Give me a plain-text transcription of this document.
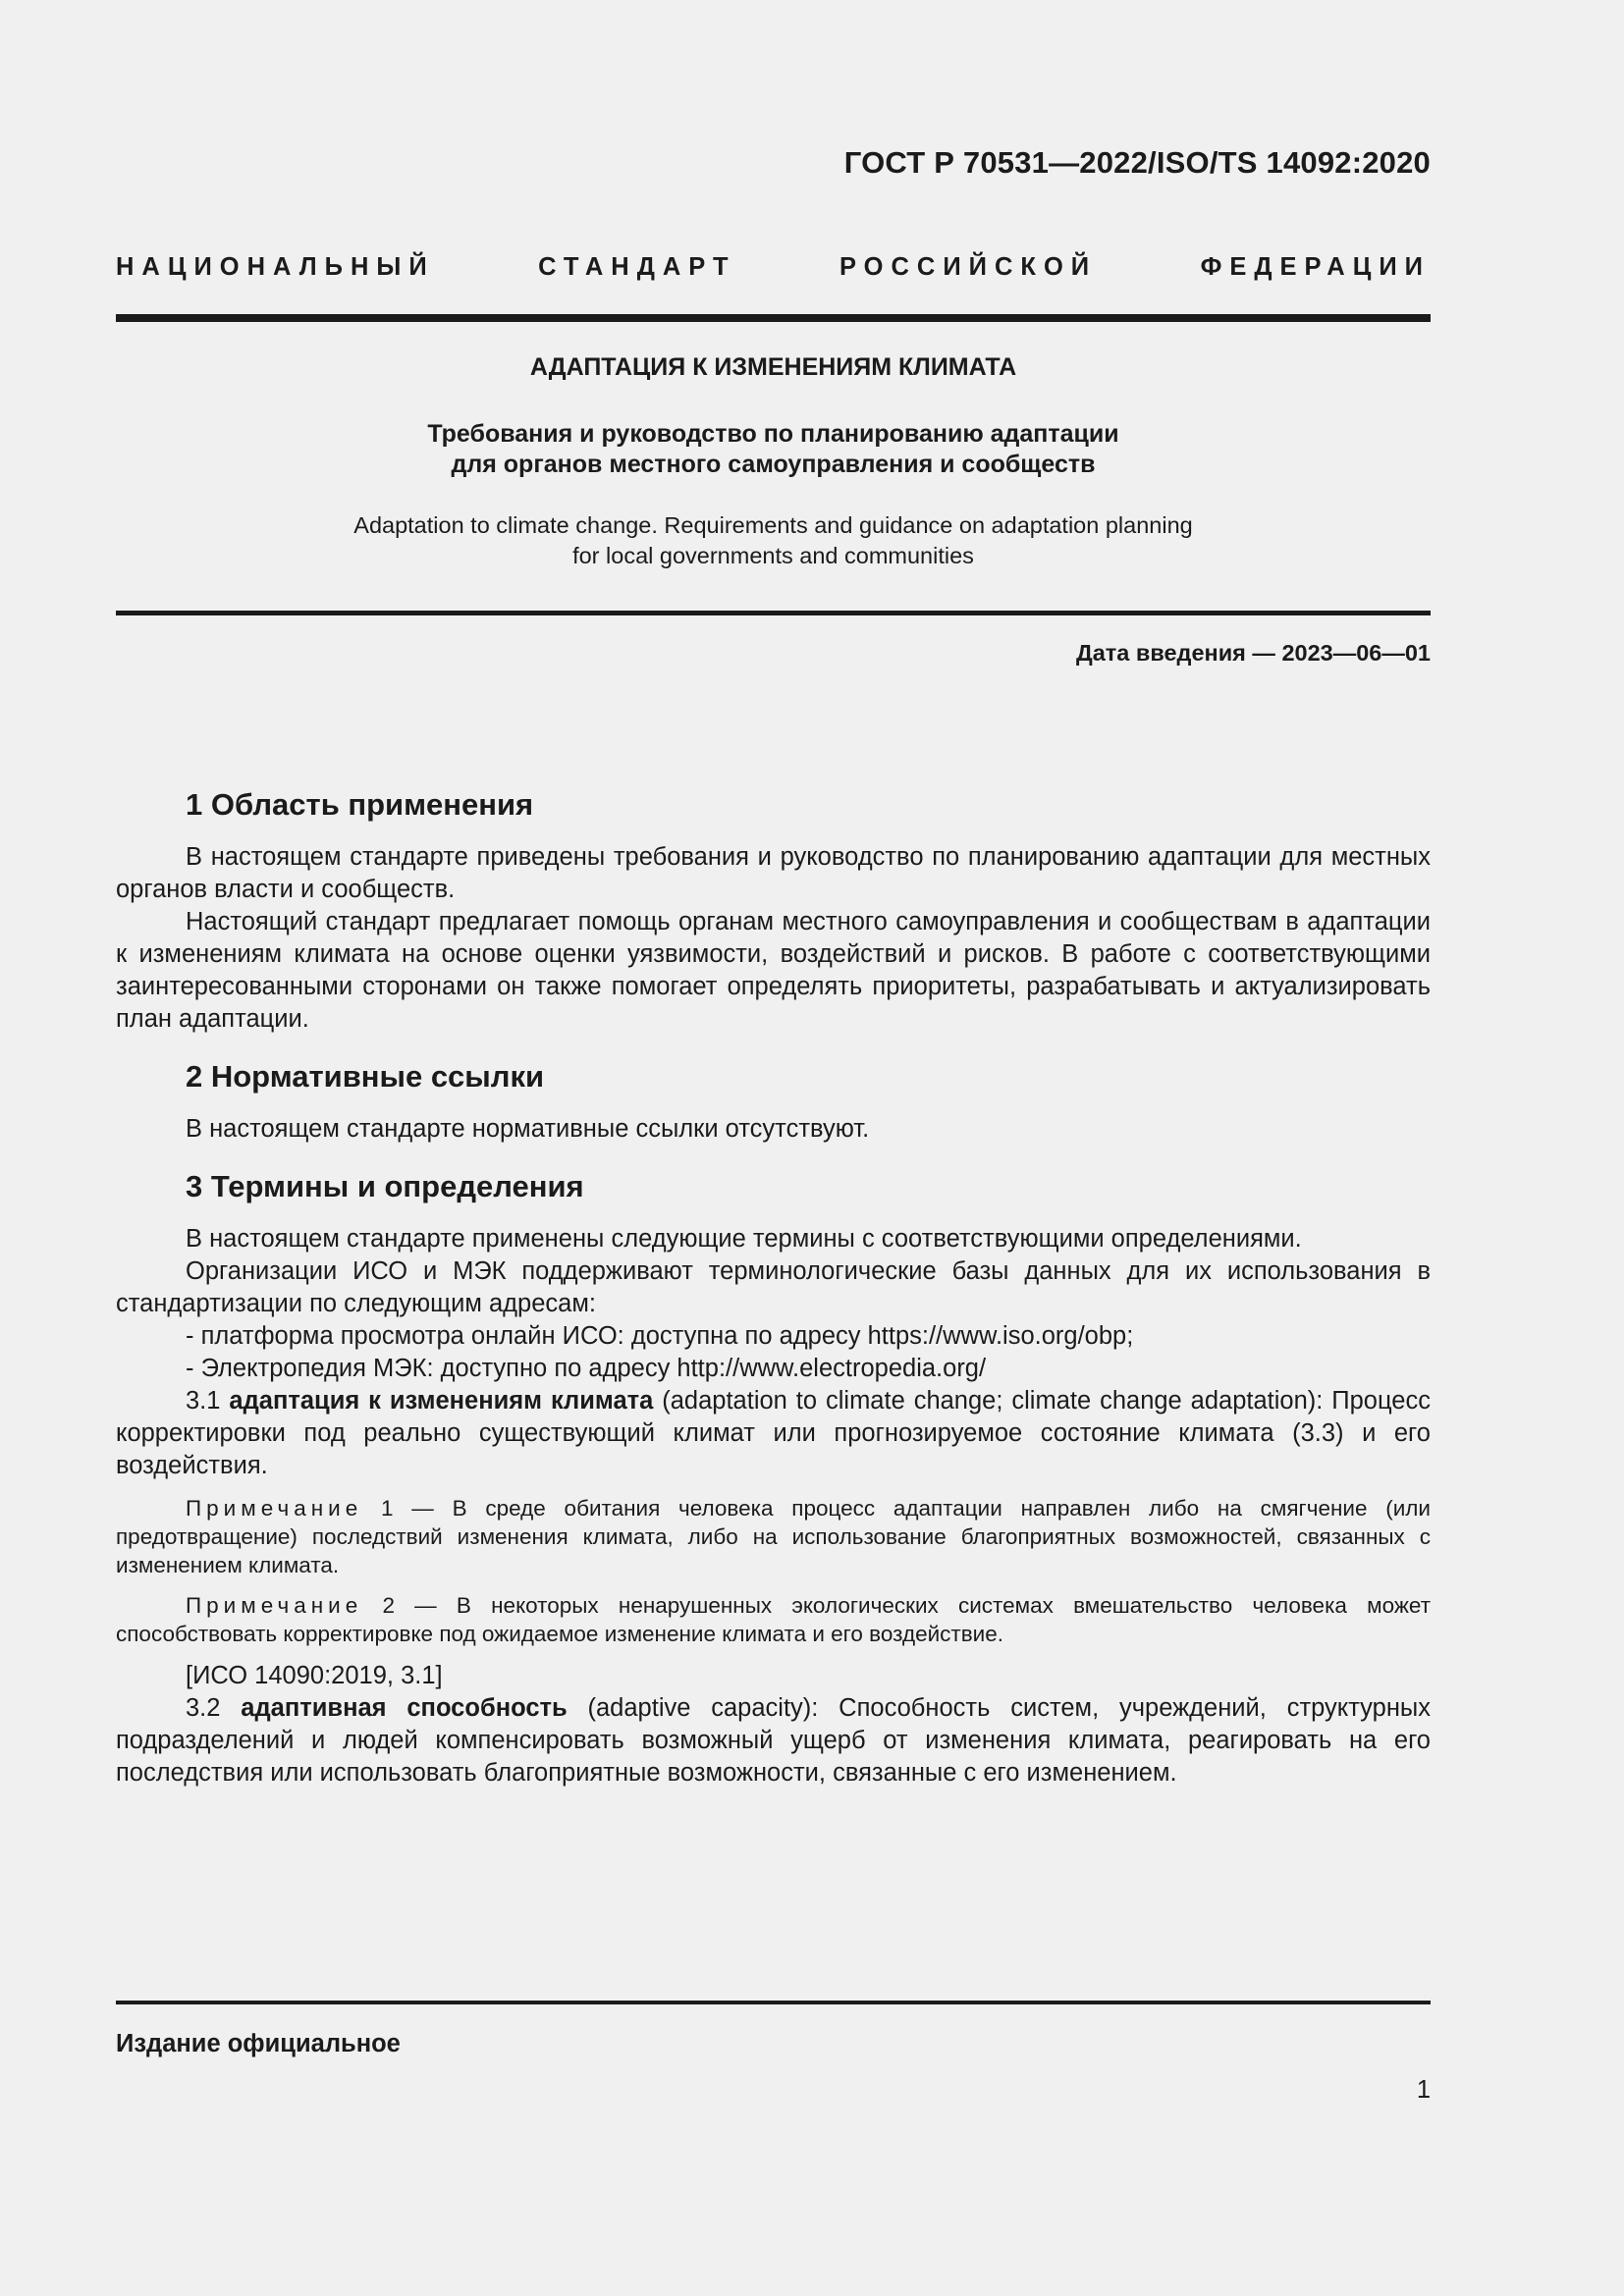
ГОСТ Р 70531—2022/ISO/TS 14092:2020
НАЦИОНАЛЬНЫЙ СТАНДАРТ РОССИЙСКОЙ ФЕДЕРАЦИИ
АДАПТАЦИЯ К ИЗМЕНЕНИЯМ КЛИМАТА
Требования и руководство по планированию адаптации
для органов местного самоуправления и сообществ
Adaptation to climate change. Requirements and guidance on adaptation planning
for local governments and communities
Дата введения — 2023—06—01
1 Область применения

В настоящем стандарте приведены требования и руководство по планированию адаптации для местных органов власти и сообществ.

Настоящий стандарт предлагает помощь органам местного самоуправления и сообществам в адаптации к изменениям климата на основе оценки уязвимости, воздействий и рисков. В работе с соответствующими заинтересованными сторонами он также помогает определять приоритеты, разрабатывать и актуализировать план адаптации.

2 Нормативные ссылки

В настоящем стандарте нормативные ссылки отсутствуют.

3 Термины и определения

В настоящем стандарте применены следующие термины с соответствующими определениями.

Организации ИСО и МЭК поддерживают терминологические базы данных для их использования в стандартизации по следующим адресам:

- платформа просмотра онлайн ИСО: доступна по адресу https://www.iso.org/obp;

- Электропедия МЭК: доступно по адресу http://www.electropedia.org/

3.1 адаптация к изменениям климата (adaptation to climate change; climate change adaptation): Процесс корректировки под реально существующий климат или прогнозируемое состояние климата (3.3) и его воздействия.

Примечание 1 — В среде обитания человека процесс адаптации направлен либо на смягчение (или предотвращение) последствий изменения климата, либо на использование благоприятных возможностей, связанных с изменением климата.

Примечание 2 — В некоторых ненарушенных экологических системах вмешательство человека может способствовать корректировке под ожидаемое изменение климата и его воздействие.

[ИСО 14090:2019, 3.1]

3.2 адаптивная способность (adaptive capacity): Способность систем, учреждений, структурных подразделений и людей компенсировать возможный ущерб от изменения климата, реагировать на его последствия или использовать благоприятные возможности, связанные с его изменением.

Издание официальное
1
